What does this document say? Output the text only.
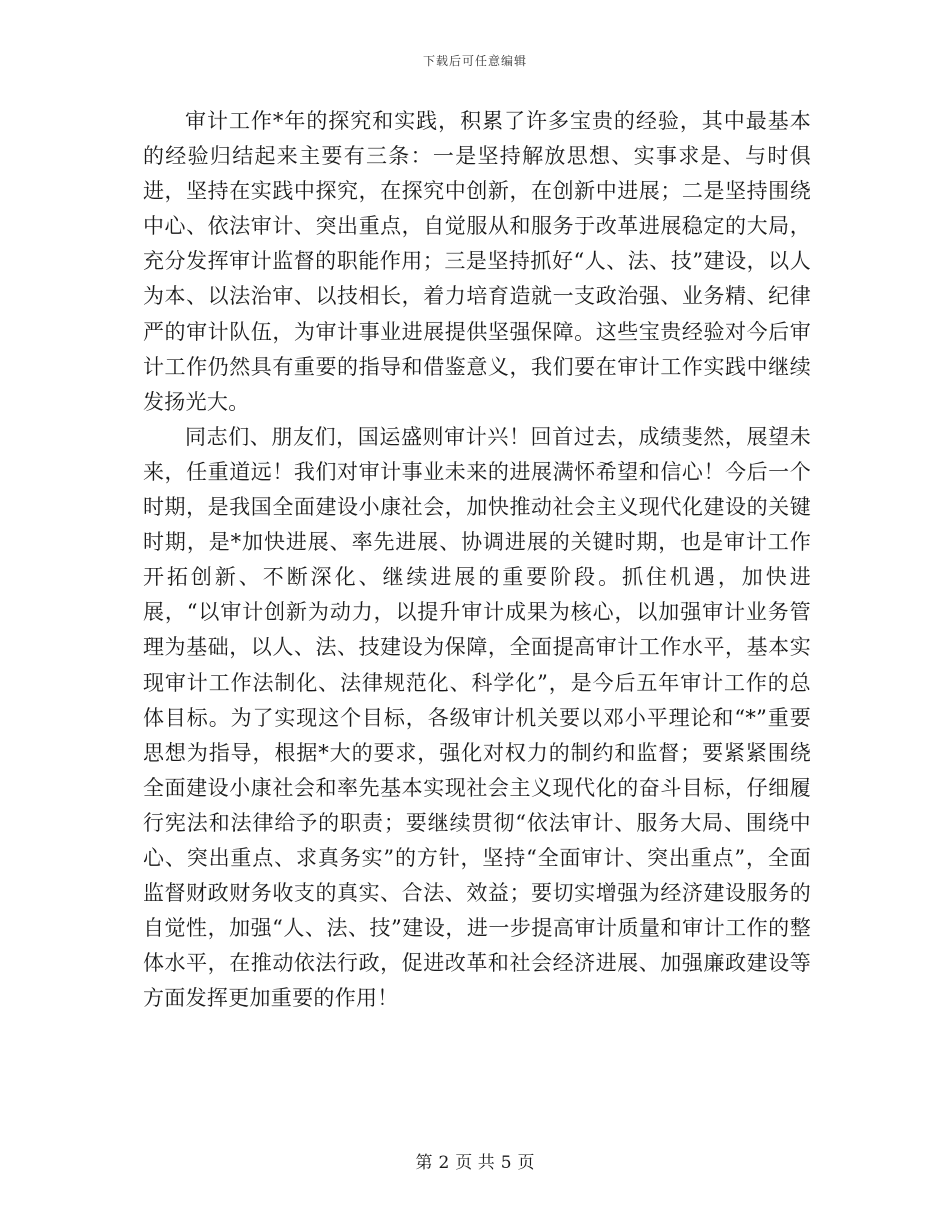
下载后可任意编辑

审计工作*年的探究和实践，积累了许多宝贵的经验，其中最基本的经验归结起来主要有三条：一是坚持解放思想、实事求是、与时俱进，坚持在实践中探究，在探究中创新，在创新中进展；二是坚持围绕中心、依法审计、突出重点，自觉服从和服务于改革进展稳定的大局，充分发挥审计监督的职能作用；三是坚持抓好“人、法、技”建设，以人为本、以法治审、以技相长，着力培育造就一支政治强、业务精、纪律严的审计队伍，为审计事业进展提供坚强保障。这些宝贵经验对今后审计工作仍然具有重要的指导和借鉴意义，我们要在审计工作实践中继续发扬光大。

同志们、朋友们，国运盛则审计兴！回首过去，成绩斐然，展望未来，任重道远！我们对审计事业未来的进展满怀希望和信心！今后一个时期，是我国全面建设小康社会，加快推动社会主义现代化建设的关键时期，是*加快进展、率先进展、协调进展的关键时期，也是审计工作开拓创新、不断深化、继续进展的重要阶段。抓住机遇，加快进展，“以审计创新为动力，以提升审计成果为核心，以加强审计业务管理为基础，以人、法、技建设为保障，全面提高审计工作水平，基本实现审计工作法制化、法律规范化、科学化”，是今后五年审计工作的总体目标。为了实现这个目标，各级审计机关要以邓小平理论和“*”重要思想为指导，根据*大的要求，强化对权力的制约和监督；要紧紧围绕全面建设小康社会和率先基本实现社会主义现代化的奋斗目标，仔细履行宪法和法律给予的职责；要继续贯彻“依法审计、服务大局、围绕中心、突出重点、求真务实”的方针，坚持“全面审计、突出重点”，全面监督财政财务收支的真实、合法、效益；要切实增强为经济建设服务的自觉性，加强“人、法、技”建设，进一步提高审计质量和审计工作的整体水平，在推动依法行政，促进改革和社会经济进展、加强廉政建设等方面发挥更加重要的作用！

第 2 页 共 5 页
